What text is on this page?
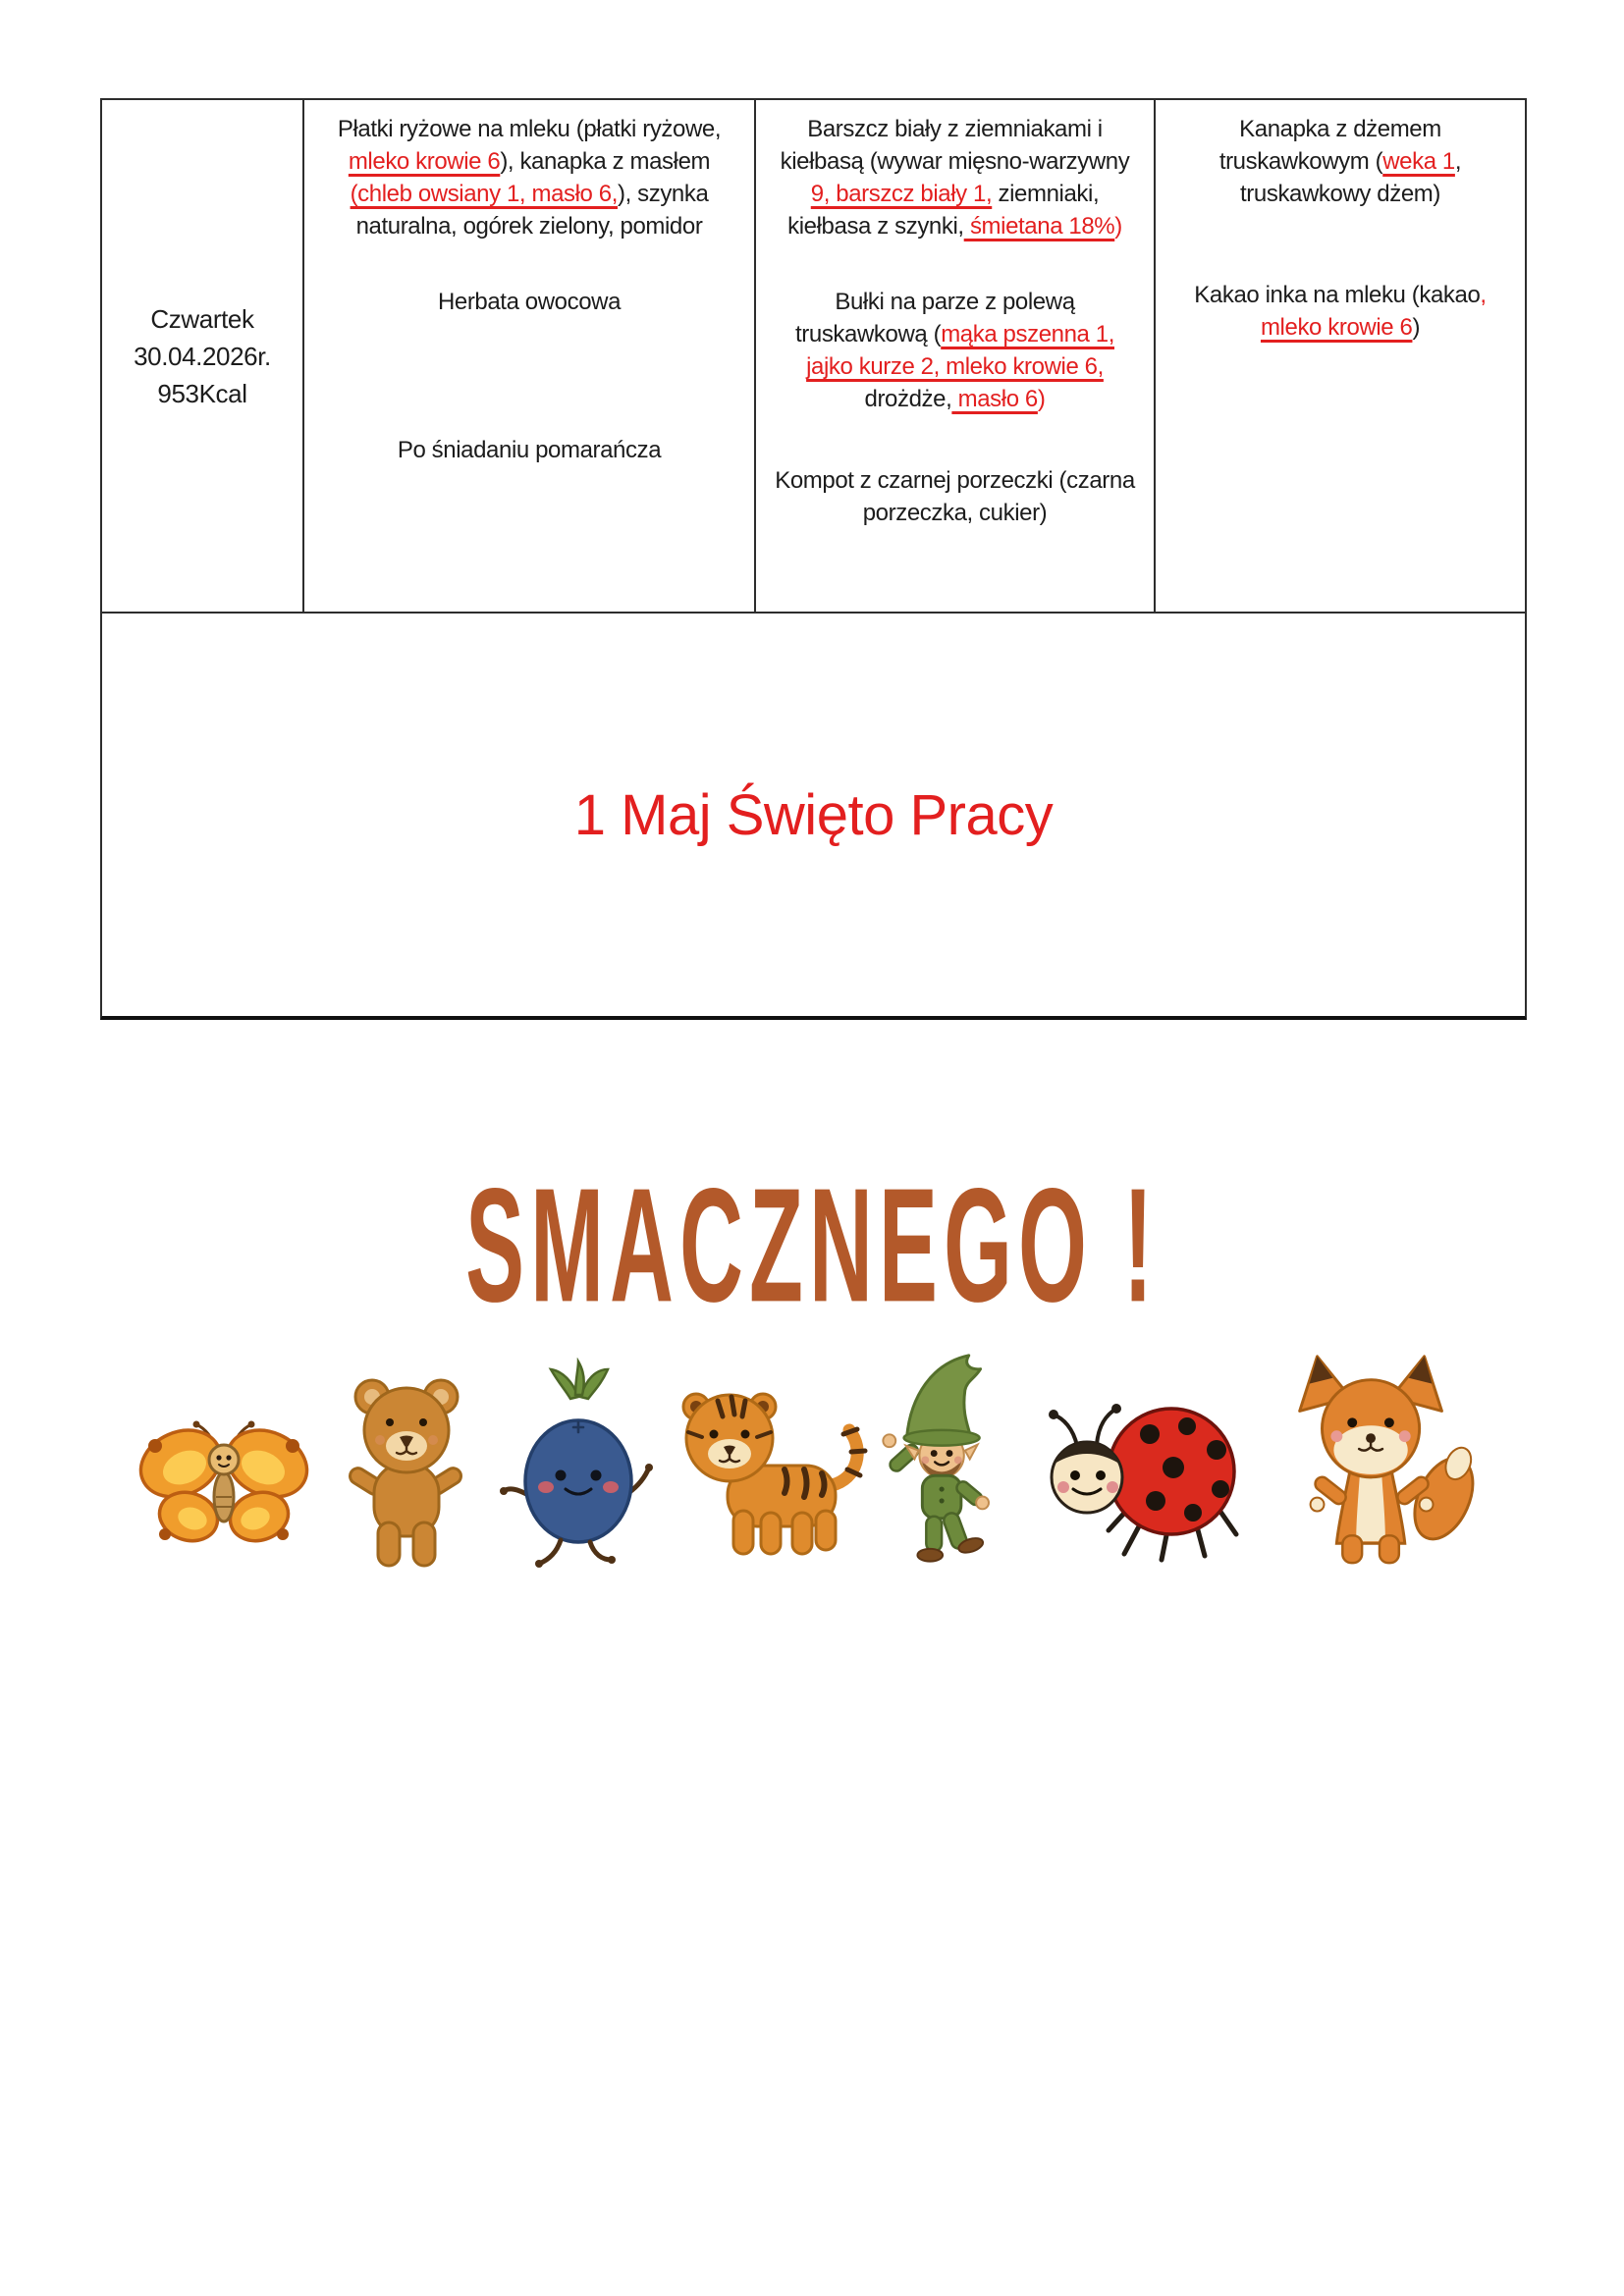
Czwartek
30.04.2026r.
953Kcal
Płatki ryżowe na mleku (płatki ryżowe,
mleko krowie 6), kanapka z masłem
(chleb owsiany 1, masło 6,), szynka
naturalna, ogórek zielony, pomidor
Herbata owocowa
Po śniadaniu pomarańcza
Barszcz biały z ziemniakami i
kiełbasą (wywar mięsno-warzywny
9, barszcz biały 1, ziemniaki,
kiełbasa z szynki, śmietana 18%)
Bułki na parze z polewą
truskawkową (mąka pszenna 1,
jajko kurze 2, mleko krowie 6,
drożdże, masło 6)
Kompot z czarnej porzeczki (czarna
porzeczka, cukier)
Kanapka z dżemem
truskawkowym (weka 1,
truskawkowy dżem)
Kakao inka na mleku (kakao,
mleko krowie 6)
1 Maj Święto Pracy
SMACZNEGO !
